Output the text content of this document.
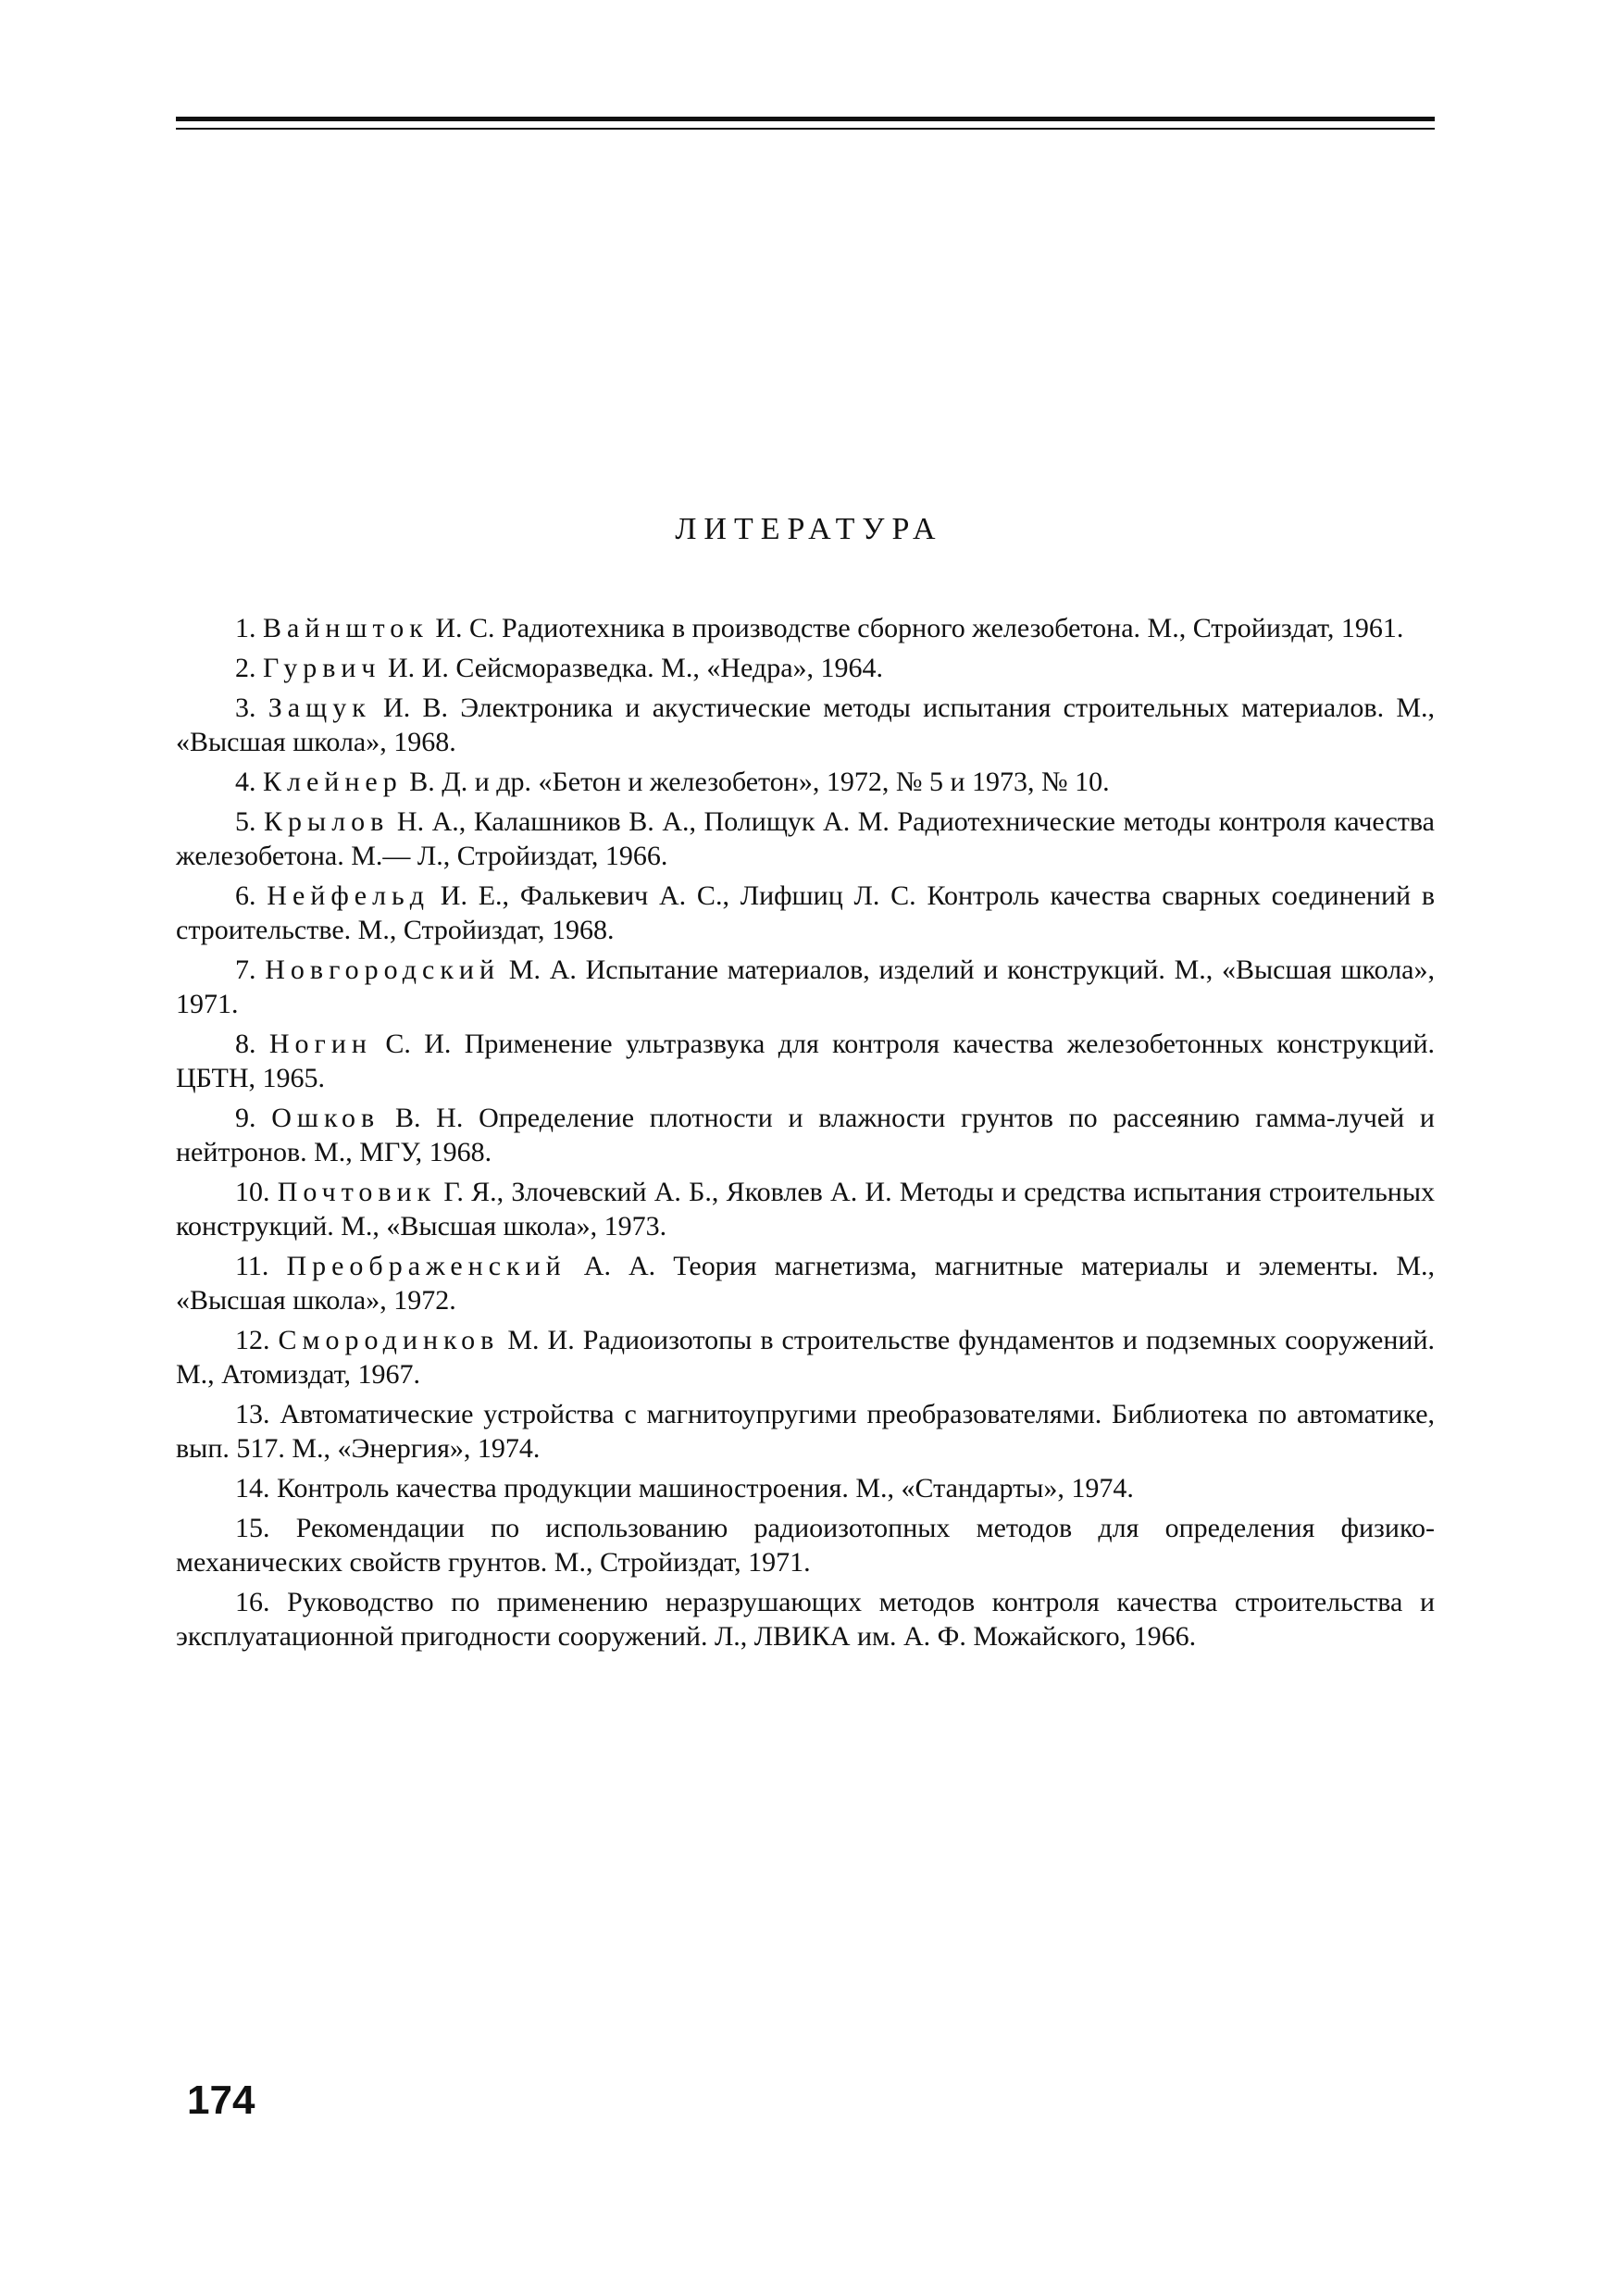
ЛИТЕРАТУРА
1. Вайншток И. С. Радиотехника в производстве сборного железобетона. М., Стройиздат, 1961.
2. Гурвич И. И. Сейсморазведка. М., «Недра», 1964.
3. Защук И. В. Электроника и акустические методы испытания строительных материалов. М., «Высшая школа», 1968.
4. Клейнер В. Д. и др. «Бетон и железобетон», 1972, № 5 и 1973, № 10.
5. Крылов Н. А., Калашников В. А., Полищук А. М. Радиотехнические методы контроля качества железобетона. М.— Л., Стройиздат, 1966.
6. Нейфельд И. Е., Фалькевич А. С., Лифшиц Л. С. Контроль качества сварных соединений в строительстве. М., Стройиздат, 1968.
7. Новгородский М. А. Испытание материалов, изделий и конструкций. М., «Высшая школа», 1971.
8. Ногин С. И. Применение ультразвука для контроля качества железобетонных конструкций. ЦБТН, 1965.
9. Ошков В. Н. Определение плотности и влажности грунтов по рассеянию гамма-лучей и нейтронов. М., МГУ, 1968.
10. Почтовик Г. Я., Злочевский А. Б., Яковлев А. И. Методы и средства испытания строительных конструкций. М., «Высшая школа», 1973.
11. Преображенский А. А. Теория магнетизма, магнитные материалы и элементы. М., «Высшая школа», 1972.
12. Смородинков М. И. Радиоизотопы в строительстве фундаментов и подземных сооружений. М., Атомиздат, 1967.
13. Автоматические устройства с магнитоупругими преобразователями. Библиотека по автоматике, вып. 517. М., «Энергия», 1974.
14. Контроль качества продукции машиностроения. М., «Стандарты», 1974.
15. Рекомендации по использованию радиоизотопных методов для определения физико-механических свойств грунтов. М., Стройиздат, 1971.
16. Руководство по применению неразрушающих методов контроля качества строительства и эксплуатационной пригодности сооружений. Л., ЛВИКА им. А. Ф. Можайского, 1966.
174
